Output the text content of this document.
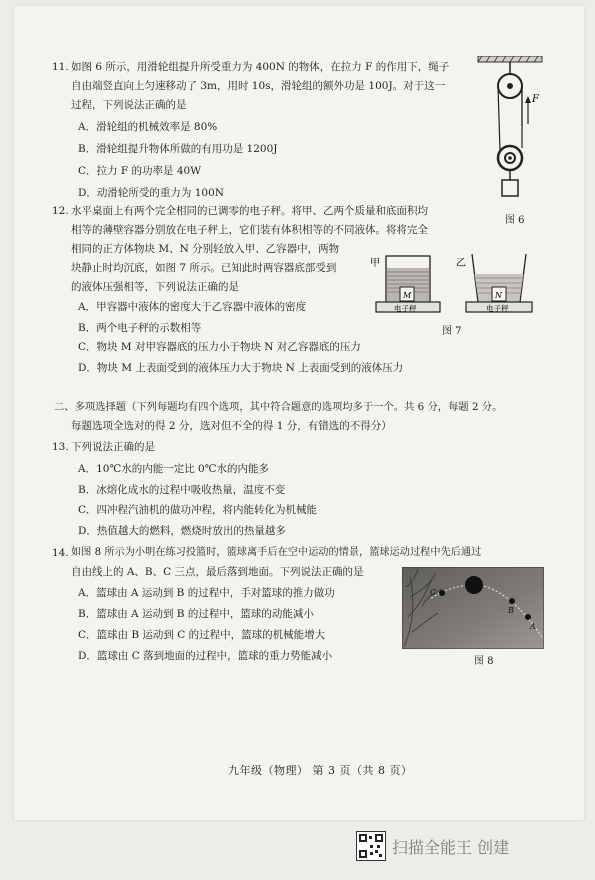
11. 如图 6 所示，用滑轮组提升所受重力为 400N 的物体，在拉力 F 的作用下，绳子
自由端竖直向上匀速移动了 3m，用时 10s，滑轮组的额外功是 100J。对于这一
过程，下列说法正确的是
A．滑轮组的机械效率是 80%
B．滑轮组提升物体所做的有用功是 1200J
C．拉力 F 的功率是 40W
D．动滑轮所受的重力为 100N
F
图 6
12. 水平桌面上有两个完全相同的已调零的电子秤。将甲、乙两个质量和底面积均
相等的薄壁容器分别放在电子秤上，它们装有体积相等的不同液体。将将完全
相同的正方体物块 M、N 分别轻放入甲、乙容器中，两物
块静止时均沉底，如图 7 所示。已知此时两容器底部受到
的液体压强相等，下列说法正确的是
A．甲容器中液体的密度大于乙容器中液体的密度
B．两个电子秤的示数相等
C．物块 M 对甲容器底的压力小于物块 N 对乙容器底的压力
D．物块 M 上表面受到的液体压力大于物块 N 上表面受到的液体压力
甲	乙
M
电子秤
N
电子秤
图 7
二、多项选择题（下列每题均有四个选项，其中符合题意的选项均多于一个。共 6 分，每题 2 分。
每题选项全选对的得 2 分，选对但不全的得 1 分，有错选的不得分）
13. 下列说法正确的是
A．10℃水的内能一定比 0℃水的内能多
B．冰熔化成水的过程中吸收热量，温度不变
C．四冲程汽油机的做功冲程，将内能转化为机械能
D．热值越大的燃料，燃烧时放出的热量越多
14. 如图 8 所示为小明在练习投篮时，篮球离手后在空中运动的情景，篮球运动过程中先后通过
自由线上的 A、B、C 三点，最后落到地面。下列说法正确的是
A．篮球由 A 运动到 B 的过程中，手对篮球的推力做功
B．篮球由 A 运动到 B 的过程中，篮球的动能减小
C．篮球由 B 运动到 C 的过程中，篮球的机械能增大
D．篮球由 C 落到地面的过程中，篮球的重力势能减小
A
B
C
图 8
九年级（物理） 第 3 页（共 8 页）
扫描全能王 创建
